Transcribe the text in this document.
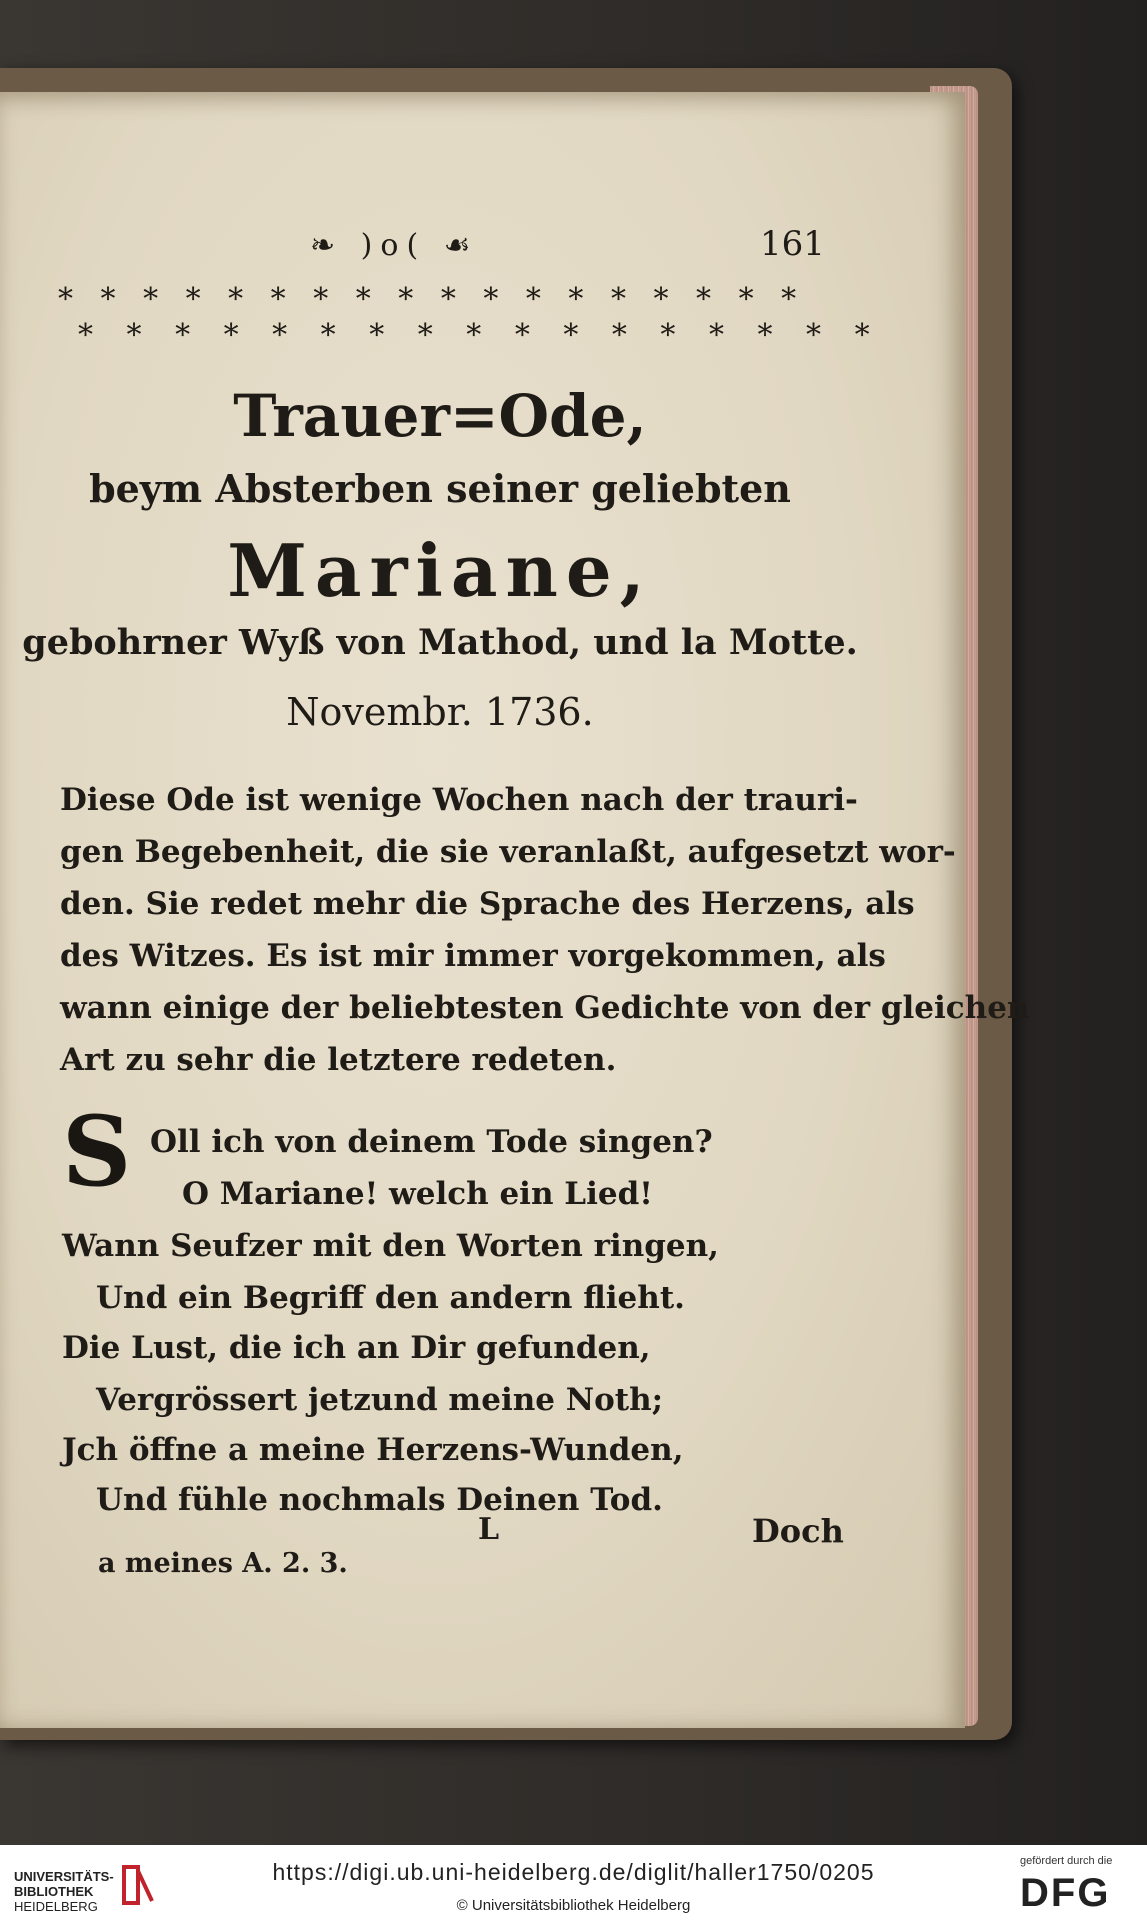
❧ )o( ☙	161
* * * * * * * * * * * * * * * * * *
* * * * * * * * * * * * * * * * *
Trauer=Ode,
beym Absterben seiner geliebten
Mariane,
gebohrner Wyß von Mathod, und la Motte.
Novembr. 1736.
Diese Ode ist wenige Wochen nach der trauri-
gen Begebenheit, die sie veranlaßt, aufgesetzt wor-
den. Sie redet mehr die Sprache des Herzens, als
des Witzes. Es ist mir immer vorgekommen, als
wann einige der beliebtesten Gedichte von der gleichen
Art zu sehr die letztere redeten.
S Oll ich von deinem Tode singen?
O Mariane! welch ein Lied!
Wann Seufzer mit den Worten ringen,
Und ein Begriff den andern flieht.
Die Lust, die ich an Dir gefunden,
Vergrössert jetzund meine Noth;
Jch öffne a meine Herzens-Wunden,
Und fühle nochmals Deinen Tod.
L	Doch
a meines A. 2. 3.
UNIVERSITÄTS-
BIBLIOTHEK
HEIDELBERG
https://digi.ub.uni-heidelberg.de/diglit/haller1750/0205
© Universitätsbibliothek Heidelberg
gefördert durch die
DFG
